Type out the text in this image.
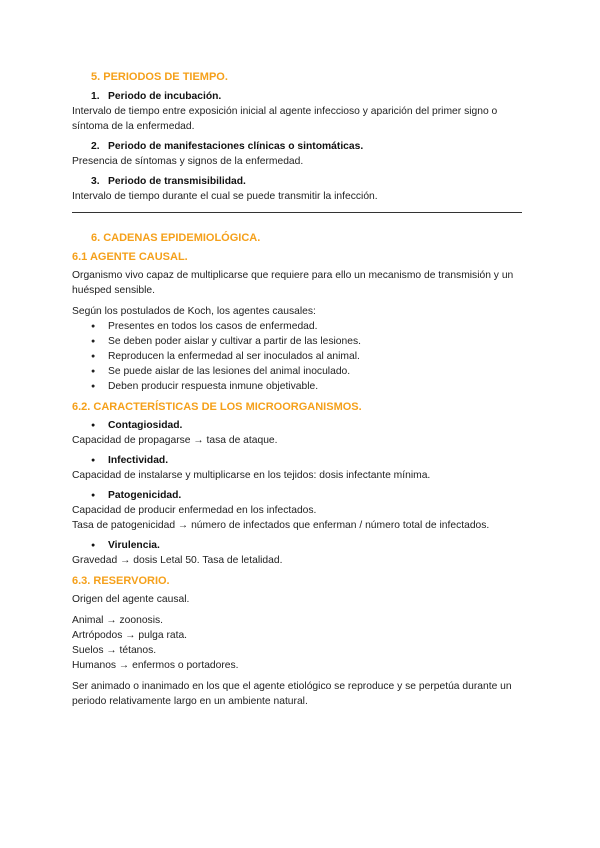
5. PERIODOS DE TIEMPO.
1. Periodo de incubación.

Intervalo de tiempo entre exposición inicial al agente infeccioso y aparición del primer signo o síntoma de la enfermedad.

2. Periodo de manifestaciones clínicas o sintomáticas.

Presencia de síntomas y signos de la enfermedad.

3. Periodo de transmisibilidad.

Intervalo de tiempo durante el cual se puede transmitir la infección.

6. CADENAS EPIDEMIOLÓGICA.
6.1 AGENTE CAUSAL.

Organismo vivo capaz de multiplicarse que requiere para ello un mecanismo de transmisión y un huésped sensible.

Según los postulados de Koch, los agentes causales:

● Presentes en todos los casos de enfermedad.
● Se deben poder aislar y cultivar a partir de las lesiones.
● Reproducen la enfermedad al ser inoculados al animal.
● Se puede aislar de las lesiones del animal inoculado.
● Deben producir respuesta inmune objetivable.
6.2. CARACTERÍSTICAS DE LOS MICROORGANISMOS.
● Contagiosidad.

Capacidad de propagarse → tasa de ataque.

● Infectividad.

Capacidad de instalarse y multiplicarse en los tejidos: dosis infectante mínima.

● Patogenicidad.

Capacidad de producir enfermedad en los infectados.

Tasa de patogenicidad → número de infectados que enferman / número total de infectados.

● Virulencia.

Gravedad → dosis Letal 50. Tasa de letalidad.

6.3. RESERVORIO.

Origen del agente causal.

Animal → zoonosis.

Artrópodos → pulga rata.

Suelos → tétanos.

Humanos → enfermos o portadores.

Ser animado o inanimado en los que el agente etiológico se reproduce y se perpetúa durante un periodo relativamente largo en un ambiente natural.
